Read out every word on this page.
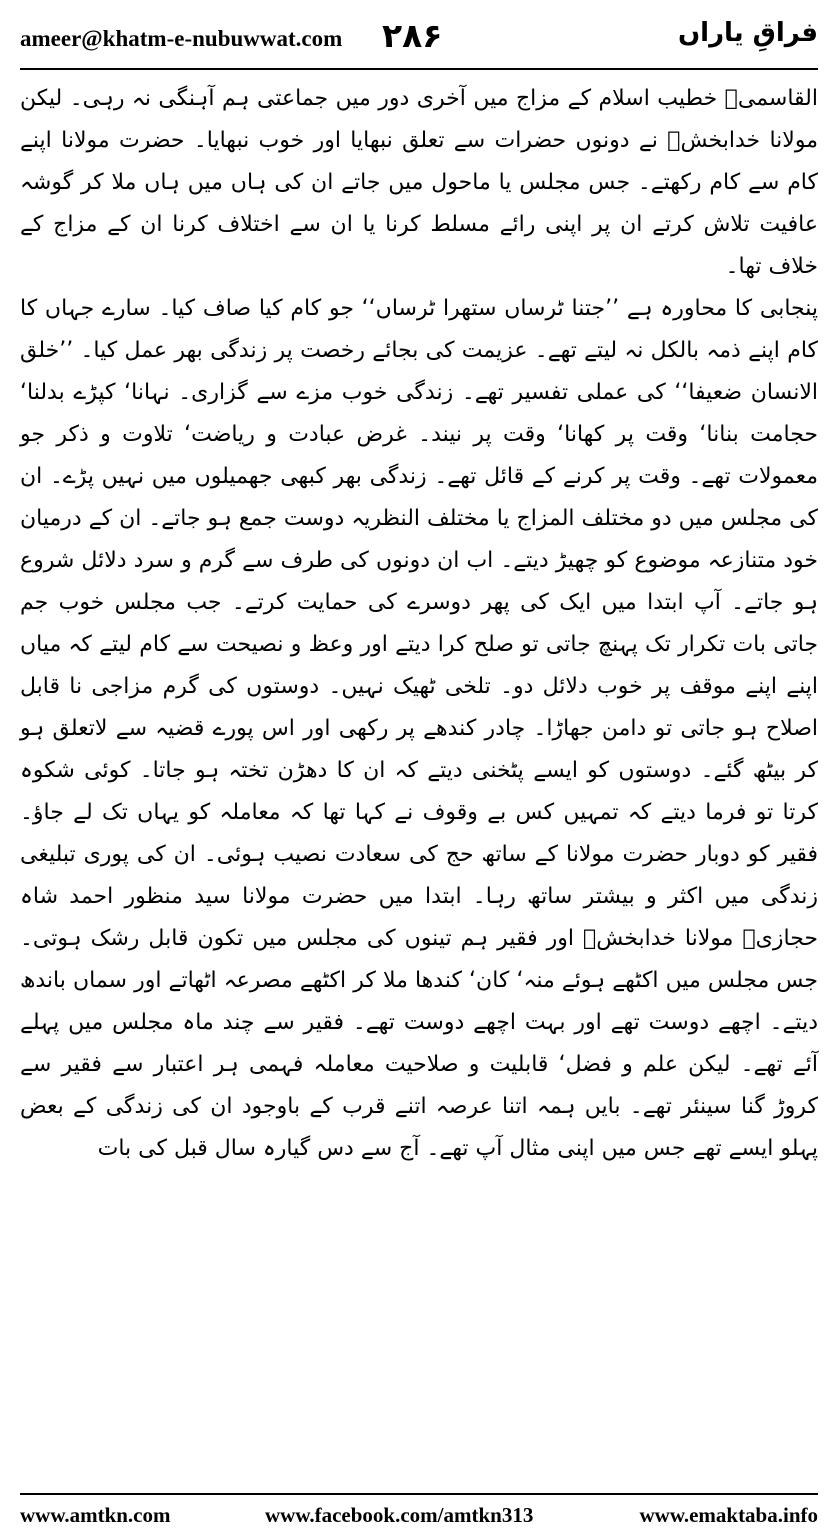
ameer@khatm-e-nubuwwat.com ۲۸۶	فراقِ یاراں

القاسمیؒ خطیب اسلام کے مزاج میں آخری دور میں جماعتی ہم آہنگی نہ رہی۔ لیکن مولانا خدابخشؒ نے دونوں حضرات سے تعلق نبھایا اور خوب نبھایا۔ حضرت مولانا اپنے کام سے کام رکھتے۔ جس مجلس یا ماحول میں جاتے ان کی ہاں میں ہاں ملا کر گوشہ عافیت تلاش کرتے ان پر اپنی رائے مسلط کرنا یا ان سے اختلاف کرنا ان کے مزاج کے خلاف تھا۔

پنجابی کا محاورہ ہے ’’جتنا ٹرساں ستھرا ٹرساں‘‘ جو کام کیا صاف کیا۔ سارے جہاں کا کام اپنے ذمہ بالکل نہ لیتے تھے۔ عزیمت کی بجائے رخصت پر زندگی بھر عمل کیا۔ ’’خلق الانسان ضعیفا‘‘ کی عملی تفسیر تھے۔ زندگی خوب مزے سے گزاری۔ نہانا‘ کپڑے بدلنا‘ حجامت بنانا‘ وقت پر کھانا‘ وقت پر نیند۔ غرض عبادت و ریاضت‘ تلاوت و ذکر جو معمولات تھے۔ وقت پر کرنے کے قائل تھے۔ زندگی بھر کبھی جھمیلوں میں نہیں پڑے۔ ان کی مجلس میں دو مختلف المزاج یا مختلف النظریہ دوست جمع ہو جاتے۔ ان کے درمیان خود متنازعہ موضوع کو چھیڑ دیتے۔ اب ان دونوں کی طرف سے گرم و سرد دلائل شروع ہو جاتے۔ آپ ابتدا میں ایک کی پھر دوسرے کی حمایت کرتے۔ جب مجلس خوب جم جاتی بات تکرار تک پہنچ جاتی تو صلح کرا دیتے اور وعظ و نصیحت سے کام لیتے کہ میاں اپنے اپنے موقف پر خوب دلائل دو۔ تلخی ٹھیک نہیں۔ دوستوں کی گرم مزاجی نا قابل اصلاح ہو جاتی تو دامن جھاڑا۔ چادر کندھے پر رکھی اور اس پورے قضیہ سے لاتعلق ہو کر بیٹھ گئے۔ دوستوں کو ایسے پٹخنی دیتے کہ ان کا دھڑن تختہ ہو جاتا۔ کوئی شکوہ کرتا تو فرما دیتے کہ تمہیں کس بے وقوف نے کہا تھا کہ معاملہ کو یہاں تک لے جاؤ۔ فقیر کو دوبار حضرت مولانا کے ساتھ حج کی سعادت نصیب ہوئی۔ ان کی پوری تبلیغی زندگی میں اکثر و بیشتر ساتھ رہا۔ ابتدا میں حضرت مولانا سید منظور احمد شاہ حجازیؒ مولانا خدابخشؒ اور فقیر ہم تینوں کی مجلس میں تکون قابل رشک ہوتی۔ جس مجلس میں اکٹھے ہوئے منہ‘ کان‘ کندھا ملا کر اکٹھے مصرعہ اٹھاتے اور سماں باندھ دیتے۔ اچھے دوست تھے اور بہت اچھے دوست تھے۔ فقیر سے چند ماہ مجلس میں پہلے آئے تھے۔ لیکن علم و فضل‘ قابلیت و صلاحیت معاملہ فہمی ہر اعتبار سے فقیر سے کروڑ گنا سینئر تھے۔ بایں ہمہ اتنا عرصہ اتنے قرب کے باوجود ان کی زندگی کے بعض پہلو ایسے تھے جس میں اپنی مثال آپ تھے۔ آج سے دس گیارہ سال قبل کی بات

www.amtkn.com	www.facebook.com/amtkn313	www.emaktaba.info
